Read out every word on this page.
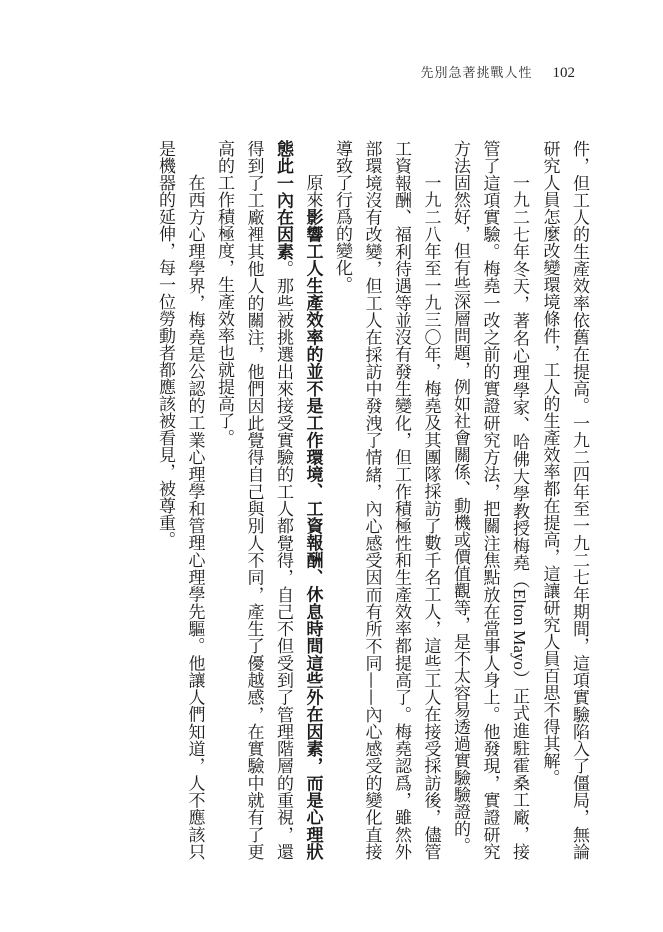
先別急著挑戰人性 102

件，但工人的生產效率依舊在提高。一九二四年至一九二七年期間，這項實驗陷入了僵局，無論研究人員怎麼改變環境條件，工人的生產效率都在提高，這讓研究人員百思不得其解。

一九二七年冬天，著名心理學家、哈佛大學教授梅堯（Elton Mayo）正式進駐霍桑工廠，接管了這項實驗。梅堯一改之前的實證研究方法，把關注焦點放在當事人身上。他發現，實證研究方法固然好，但有些深層問題，例如社會關係、動機或價值觀等，是不太容易透過實驗驗證的。

一九二八年至一九三〇年，梅堯及其團隊採訪了數千名工人，這些工人在接受採訪後，儘管工資報酬、福利待遇等並沒有發生變化，但工作積極性和生產效率都提高了。梅堯認爲，雖然外部環境沒有改變，但工人在採訪中發洩了情緒，內心感受因而有所不同——內心感受的變化直接導致了行爲的變化。

原來影響工人生產效率的並不是工作環境、工資報酬、休息時間這些外在因素，而是心理狀態此一內在因素。那些被挑選出來接受實驗的工人都覺得，自己不但受到了管理階層的重視，還得到了工廠裡其他人的關注，他們因此覺得自己與別人不同，產生了優越感，在實驗中就有了更高的工作積極度，生產效率也就提高了。

在西方心理學界，梅堯是公認的工業心理學和管理心理學先驅。他讓人們知道，人不應該只是機器的延伸，每一位勞動者都應該被看見，被尊重。
